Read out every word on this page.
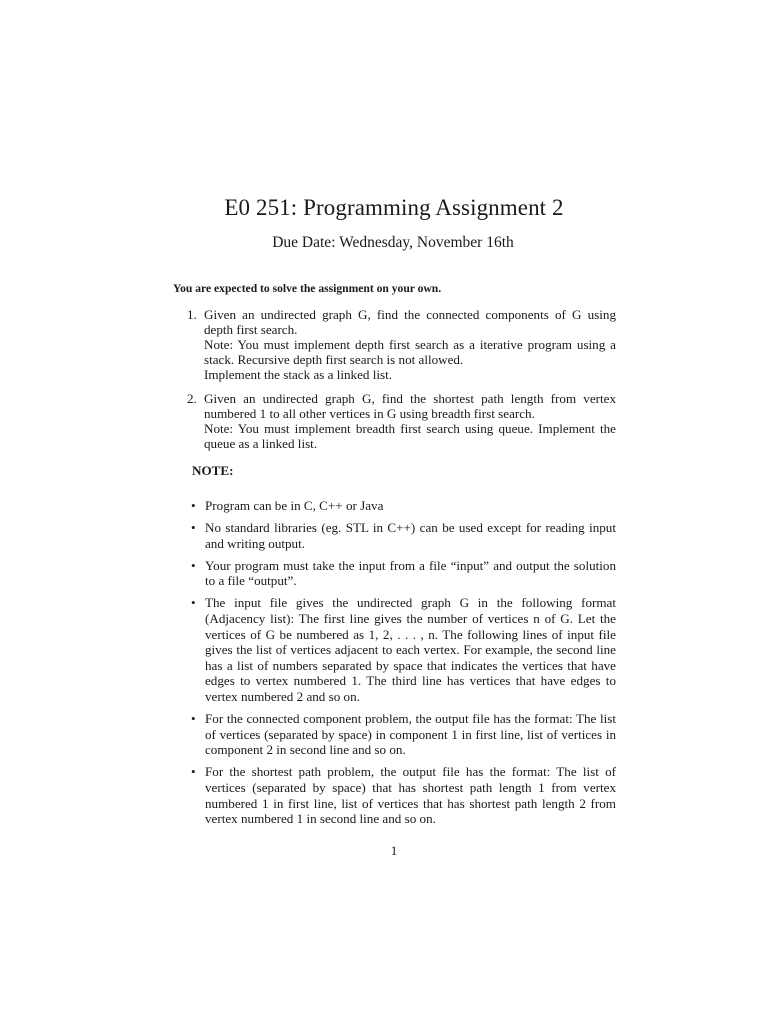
E0 251: Programming Assignment 2
Due Date: Wednesday, November 16th
You are expected to solve the assignment on your own.
1. Given an undirected graph G, find the connected components of G using depth first search.
Note: You must implement depth first search as a iterative program using a stack. Recursive depth first search is not allowed.
Implement the stack as a linked list.
2. Given an undirected graph G, find the shortest path length from vertex numbered 1 to all other vertices in G using breadth first search.
Note: You must implement breadth first search using queue. Implement the queue as a linked list.
NOTE:
• Program can be in C, C++ or Java
• No standard libraries (eg. STL in C++) can be used except for reading input and writing output.
• Your program must take the input from a file “input” and output the solution to a file “output”.
• The input file gives the undirected graph G in the following format (Adjacency list): The first line gives the number of vertices n of G. Let the vertices of G be numbered as 1, 2, . . . , n. The following lines of input file gives the list of vertices adjacent to each vertex. For example, the second line has a list of numbers separated by space that indicates the vertices that have edges to vertex numbered 1. The third line has vertices that have edges to vertex numbered 2 and so on.
• For the connected component problem, the output file has the format: The list of vertices (separated by space) in component 1 in first line, list of vertices in component 2 in second line and so on.
• For the shortest path problem, the output file has the format: The list of vertices (separated by space) that has shortest path length 1 from vertex numbered 1 in first line, list of vertices that has shortest path length 2 from vertex numbered 1 in second line and so on.
1
